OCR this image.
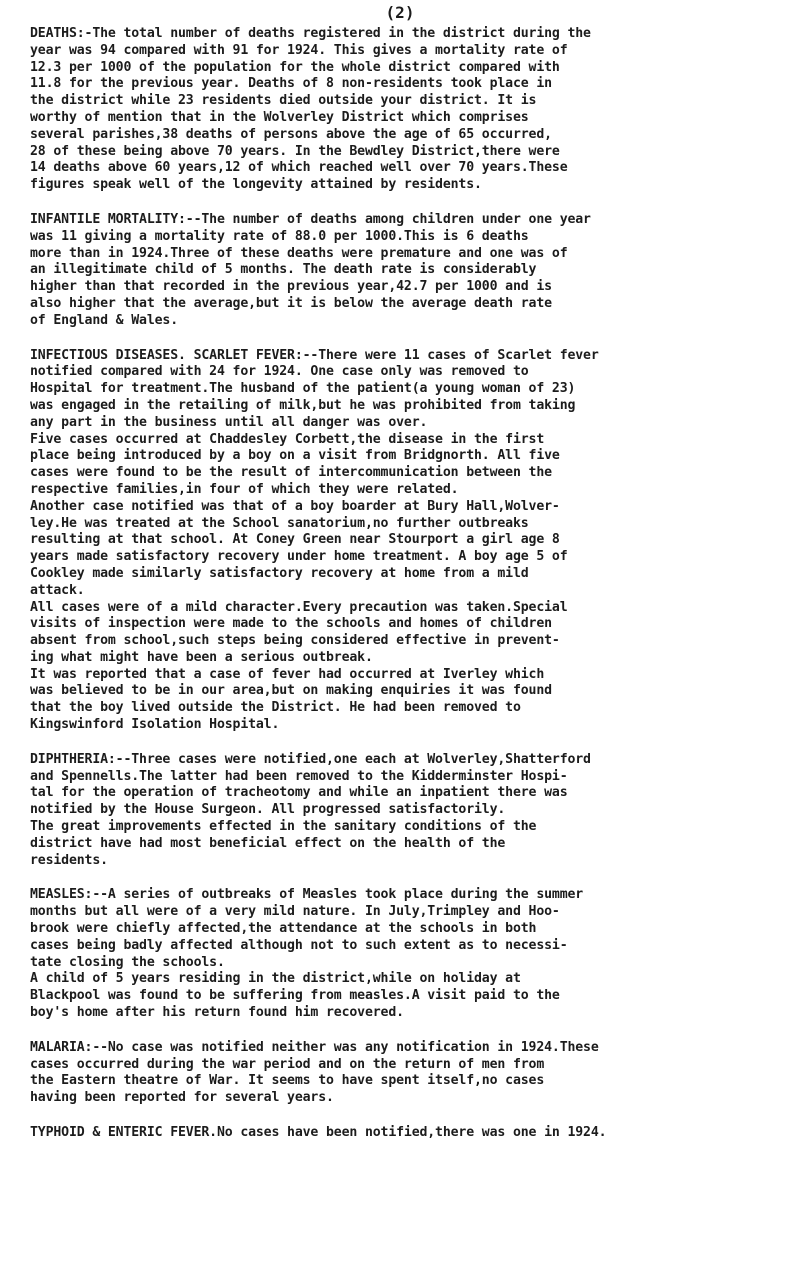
(2)
DEATHS:-The total number of deaths registered in the district during the
year was 94 compared with 91 for 1924. This gives a mortality rate of
12.3 per 1000 of the population for the whole district compared with
11.8 for the previous year. Deaths of 8 non-residents took place in
the district while 23 residents died outside your district. It is
worthy of mention that in the Wolverley District which comprises
several parishes,38 deaths of persons above the age of 65 occurred,
28 of these being above 70 years. In the Bewdley District,there were
14 deaths above 60 years,12 of which reached well over 70 years.These
figures speak well of the longevity attained by residents.
INFANTILE MORTALITY:--The number of deaths among children under one year
was 11 giving a mortality rate of 88.0 per 1000.This is 6 deaths
more than in 1924.Three of these deaths were premature and one was of
an illegitimate child of 5 months. The death rate is considerably
higher than that recorded in the previous year,42.7 per 1000 and is
also higher that the average,but it is below the average death rate
of England & Wales.
INFECTIOUS DISEASES. SCARLET FEVER:--There were 11 cases of Scarlet fever
notified compared with 24 for 1924. One case only was removed to
Hospital for treatment.The husband of the patient(a young woman of 23)
was engaged in the retailing of milk,but he was prohibited from taking
any part in the business until all danger was over.
Five cases occurred at Chaddesley Corbett,the disease in the first
place being introduced by a boy on a visit from Bridgnorth. All five
cases were found to be the result of intercommunication between the
respective families,in four of which they were related.
Another case notified was that of a boy boarder at Bury Hall,Wolver-
ley.He was treated at the School sanatorium,no further outbreaks
resulting at that school. At Coney Green near Stourport a girl age 8
years made satisfactory recovery under home treatment. A boy age 5 of
Cookley made similarly satisfactory recovery at home from a mild
attack.
All cases were of a mild character.Every precaution was taken.Special
visits of inspection were made to the schools and homes of children
absent from school,such steps being considered effective in prevent-
ing what might have been a serious outbreak.
It was reported that a case of fever had occurred at Iverley which
was believed to be in our area,but on making enquiries it was found
that the boy lived outside the District. He had been removed to
Kingswinford Isolation Hospital.
DIPHTHERIA:--Three cases were notified,one each at Wolverley,Shatterford
and Spennells.The latter had been removed to the Kidderminster Hospi-
tal for the operation of tracheotomy and while an inpatient there was
notified by the House Surgeon. All progressed satisfactorily.
The great improvements effected in the sanitary conditions of the
district have had most beneficial effect on the health of the
residents.
MEASLES:--A series of outbreaks of Measles took place during the summer
months but all were of a very mild nature. In July,Trimpley and Hoo-
brook were chiefly affected,the attendance at the schools in both
cases being badly affected although not to such extent as to necessi-
tate closing the schools.
A child of 5 years residing in the district,while on holiday at
Blackpool was found to be suffering from measles.A visit paid to the
boy's home after his return found him recovered.
MALARIA:--No case was notified neither was any notification in 1924.These
cases occurred during the war period and on the return of men from
the Eastern theatre of War. It seems to have spent itself,no cases
having been reported for several years.
TYPHOID & ENTERIC FEVER.No cases have been notified,there was one in 1924.
